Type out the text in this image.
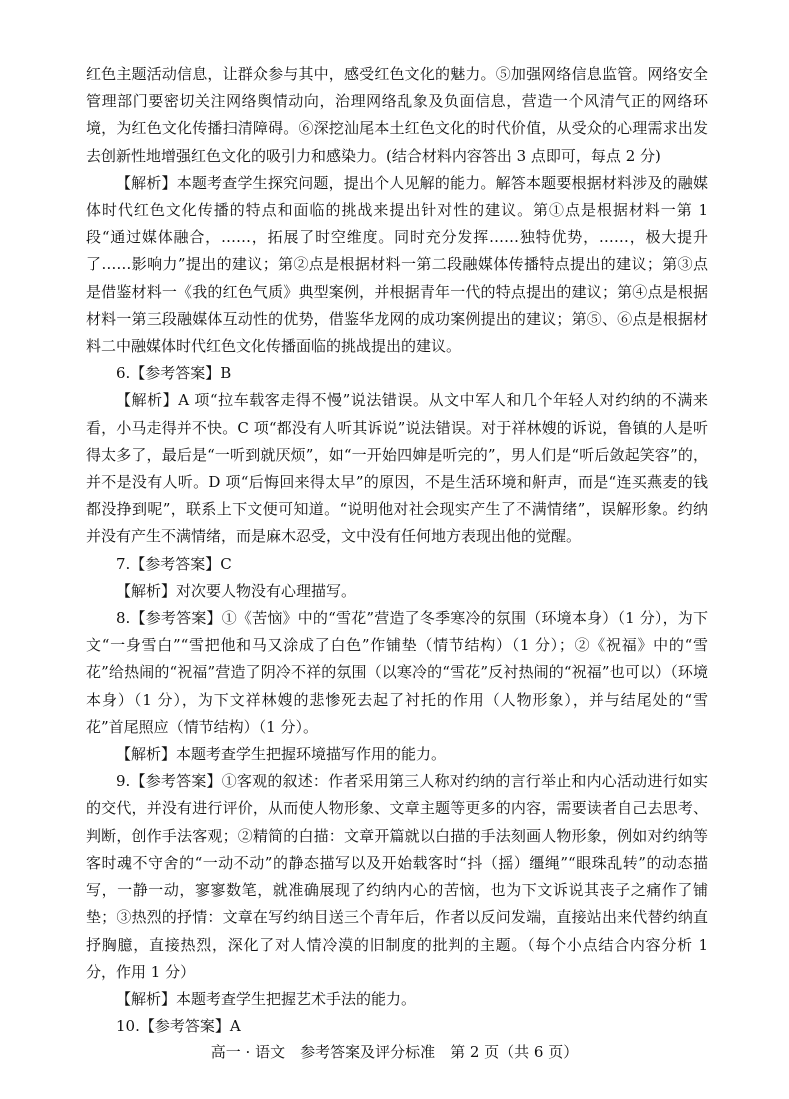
红色主题活动信息，让群众参与其中，感受红色文化的魅力。⑤加强网络信息监管。网络安全管理部门要密切关注网络舆情动向，治理网络乱象及负面信息，营造一个风清气正的网络环境，为红色文化传播扫清障碍。⑥深挖汕尾本土红色文化的时代价值，从受众的心理需求出发去创新性地增强红色文化的吸引力和感染力。(结合材料内容答出 3 点即可，每点 2 分)

【解析】本题考查学生探究问题，提出个人见解的能力。解答本题要根据材料涉及的融媒体时代红色文化传播的特点和面临的挑战来提出针对性的建议。第①点是根据材料一第 1 段“通过媒体融合，……，拓展了时空维度。同时充分发挥……独特优势，……，极大提升了……影响力”提出的建议；第②点是根据材料一第二段融媒体传播特点提出的建议；第③点是借鉴材料一《我的红色气质》典型案例，并根据青年一代的特点提出的建议；第④点是根据材料一第三段融媒体互动性的优势，借鉴华龙网的成功案例提出的建议；第⑤、⑥点是根据材料二中融媒体时代红色文化传播面临的挑战提出的建议。

6.【参考答案】B

【解析】A 项“拉车载客走得不慢”说法错误。从文中军人和几个年轻人对约纳的不满来看，小马走得并不快。C 项“都没有人听其诉说”说法错误。对于祥林嫂的诉说，鲁镇的人是听得太多了，最后是“一听到就厌烦”，如“一开始四婶是听完的”，男人们是“听后敛起笑容”的，并不是没有人听。D 项“后悔回来得太早”的原因，不是生活环境和鼾声，而是“连买燕麦的钱都没挣到呢”，联系上下文便可知道。“说明他对社会现实产生了不满情绪”，误解形象。约纳并没有产生不满情绪，而是麻木忍受，文中没有任何地方表现出他的觉醒。

7.【参考答案】C

【解析】对次要人物没有心理描写。

8.【参考答案】①《苦恼》中的“雪花”营造了冬季寒冷的氛围（环境本身）（1 分），为下文“一身雪白”“雪把他和马又涂成了白色”作铺垫（情节结构）（1 分）；②《祝福》中的“雪花”给热闹的“祝福”营造了阴冷不祥的氛围（以寒冷的“雪花”反衬热闹的“祝福”也可以）（环境本身）（1 分），为下文祥林嫂的悲惨死去起了衬托的作用（人物形象），并与结尾处的“雪花”首尾照应（情节结构）（1 分）。

【解析】本题考查学生把握环境描写作用的能力。

9.【参考答案】①客观的叙述：作者采用第三人称对约纳的言行举止和内心活动进行如实的交代，并没有进行评价，从而使人物形象、文章主题等更多的内容，需要读者自己去思考、判断，创作手法客观；②精简的白描：文章开篇就以白描的手法刻画人物形象，例如对约纳等客时魂不守舍的“一动不动”的静态描写以及开始载客时“抖（摇）缰绳”“眼珠乱转”的动态描写，一静一动，寥寥数笔，就准确展现了约纳内心的苦恼，也为下文诉说其丧子之痛作了铺垫；③热烈的抒情：文章在写约纳目送三个青年后，作者以反问发端，直接站出来代替约纳直抒胸臆，直接热烈，深化了对人情冷漠的旧制度的批判的主题。（每个小点结合内容分析 1 分，作用 1 分）

【解析】本题考查学生把握艺术手法的能力。

10.【参考答案】A

高一 · 语文　参考答案及评分标准　第 2 页（共 6 页）
